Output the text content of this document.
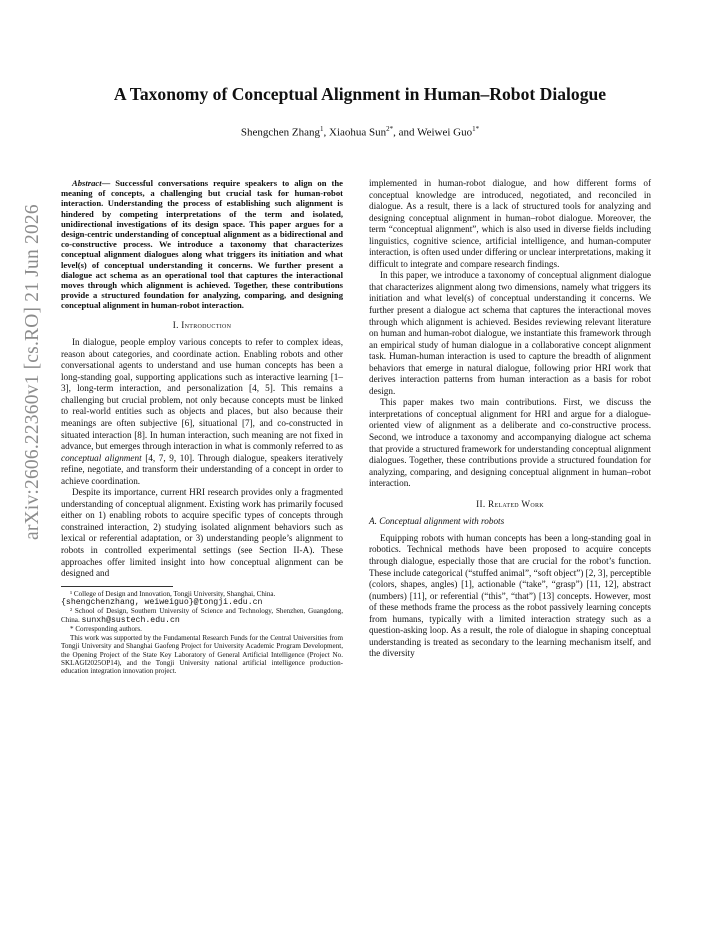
arXiv:2606.22360v1 [cs.RO] 21 Jun 2026
A Taxonomy of Conceptual Alignment in Human–Robot Dialogue
Shengchen Zhang$^1$, Xiaohua Sun$^{2*}$, and Weiwei Guo$^{1*}$

Abstract— Successful conversations require speakers to align on the meaning of concepts, a challenging but crucial task for human-robot interaction. Understanding the process of establishing such alignment is hindered by competing interpretations of the term and isolated, unidirectional investigations of its design space. This paper argues for a design-centric understanding of conceptual alignment as a bidirectional and co-constructive process. We introduce a taxonomy that characterizes conceptual alignment dialogues along what triggers its initiation and what level(s) of conceptual understanding it concerns. We further present a dialogue act schema as an operational tool that captures the interactional moves through which alignment is achieved. Together, these contributions provide a structured foundation for analyzing, comparing, and designing conceptual alignment in human-robot interaction.

I. Introduction

In dialogue, people employ various concepts to refer to complex ideas, reason about categories, and coordinate action. Enabling robots and other conversational agents to understand and use human concepts has been a long-standing goal, supporting applications such as interactive learning [1–3], long-term interaction, and personalization [4, 5]. This remains a challenging but crucial problem, not only because concepts must be linked to real-world entities such as objects and places, but also because their meanings are often subjective [6], situational [7], and co-constructed in situated interaction [8]. In human interaction, such meaning are not fixed in advance, but emerges through interaction in what is commonly referred to as conceptual alignment [4, 7, 9, 10]. Through dialogue, speakers iteratively refine, negotiate, and transform their understanding of a concept in order to achieve coordination.

Despite its importance, current HRI research provides only a fragmented understanding of conceptual alignment. Existing work has primarily focused either on 1) enabling robots to acquire specific types of concepts through constrained interaction, 2) studying isolated alignment behaviors such as lexical or referential adaptation, or 3) understanding people’s alignment to robots in controlled experimental settings (see Section II-A). These approaches offer limited insight into how conceptual alignment can be designed and

¹ College of Design and Innovation, Tongji University, Shanghai, China.
{shengchenzhang, weiweiguo}@tongji.edu.cn
² School of Design, Southern University of Science and Technology, Shenzhen, Guangdong, China. sunxh@sustech.edu.cn
* Corresponding authors.
This work was supported by the Fundamental Research Funds for the Central Universities from Tongji University and Shanghai Gaofeng Project for University Academic Program Development, the Opening Project of the State Key Laboratory of General Artificial Intelligence (Project No. SKLAGI2025OP14), and the Tongji University national artificial intelligence production-education integration innovation project.

implemented in human-robot dialogue, and how different forms of conceptual knowledge are introduced, negotiated, and reconciled in dialogue. As a result, there is a lack of structured tools for analyzing and designing conceptual alignment in human–robot dialogue. Moreover, the term “conceptual alignment”, which is also used in diverse fields including linguistics, cognitive science, artificial intelligence, and human-computer interaction, is often used under differing or unclear interpretations, making it difficult to integrate and compare research findings.

In this paper, we introduce a taxonomy of conceptual alignment dialogue that characterizes alignment along two dimensions, namely what triggers its initiation and what level(s) of conceptual understanding it concerns. We further present a dialogue act schema that captures the interactional moves through which alignment is achieved. Besides reviewing relevant literature on human and human-robot dialogue, we instantiate this framework through an empirical study of human dialogue in a collaborative concept alignment task. Human-human interaction is used to capture the breadth of alignment behaviors that emerge in natural dialogue, following prior HRI work that derives interaction patterns from human interaction as a basis for robot design.

This paper makes two main contributions. First, we discuss the interpretations of conceptual alignment for HRI and argue for a dialogue-oriented view of alignment as a deliberate and co-constructive process. Second, we introduce a taxonomy and accompanying dialogue act schema that provide a structured framework for understanding conceptual alignment dialogues. Together, these contributions provide a structured foundation for analyzing, comparing, and designing conceptual alignment in human–robot interaction.

II. Related Work
A. Conceptual alignment with robots

Equipping robots with human concepts has been a long-standing goal in robotics. Technical methods have been proposed to acquire concepts through dialogue, especially those that are crucial for the robot’s function. These include categorical (“stuffed animal”, “soft object”) [2, 3], perceptible (colors, shapes, angles) [1], actionable (“take”, “grasp”) [11, 12], abstract (numbers) [11], or referential (“this”, “that”) [13] concepts. However, most of these methods frame the process as the robot passively learning concepts from humans, typically with a limited interaction strategy such as a question-asking loop. As a result, the role of dialogue in shaping conceptual understanding is treated as secondary to the learning mechanism itself, and the diversity
